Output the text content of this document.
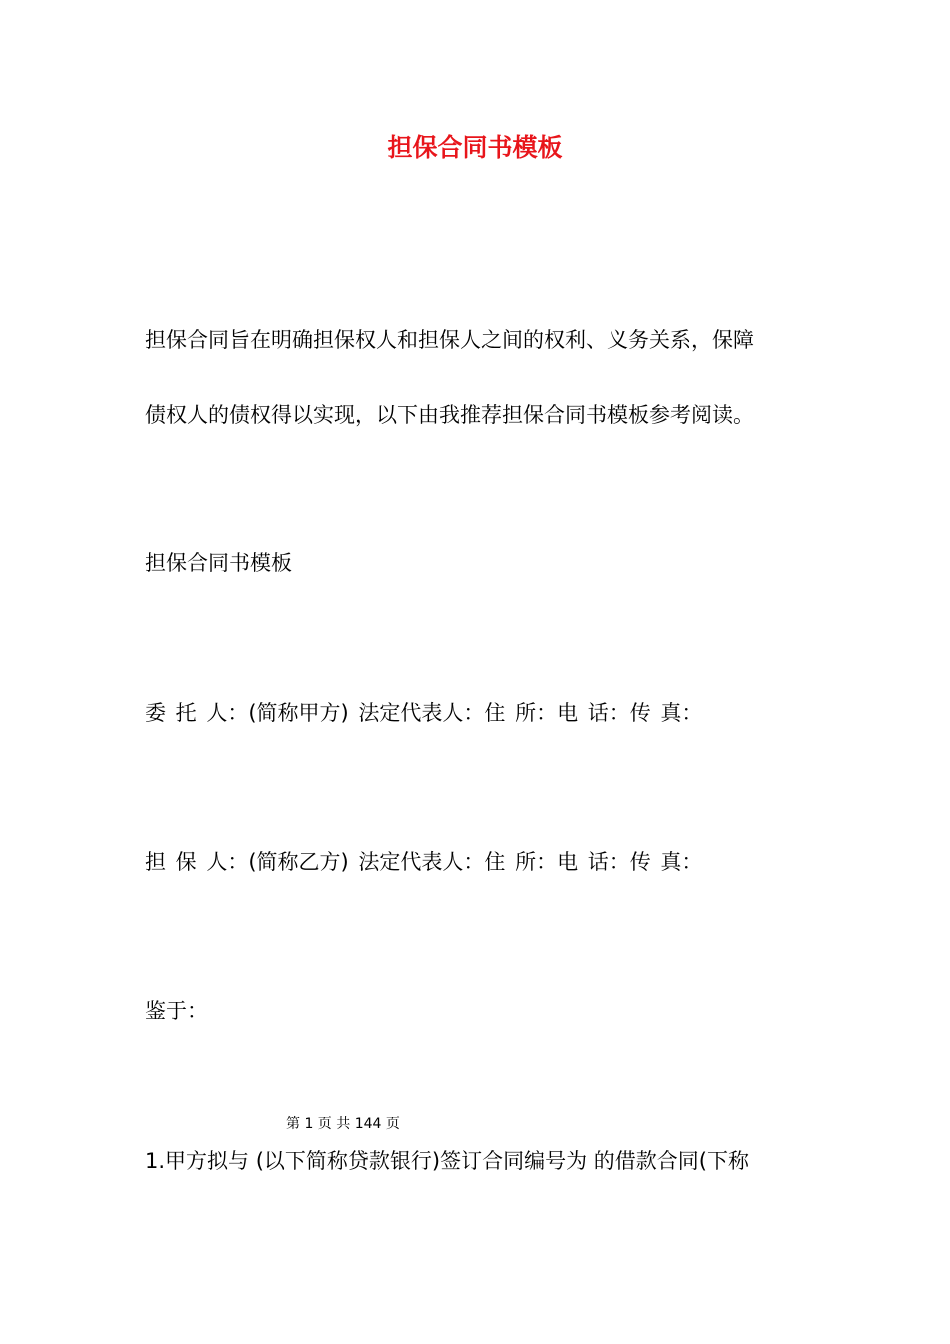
担保合同书模板

担保合同旨在明确担保权人和担保人之间的权利、义务关系，保障

债权人的债权得以实现，以下由我推荐担保合同书模板参考阅读。

担保合同书模板

委 托 人：(简称甲方) 法定代表人：住 所：电 话：传 真：

担 保 人：(简称乙方) 法定代表人：住 所：电 话：传 真：

鉴于：

第 1 页 共 144 页

1.甲方拟与 (以下简称贷款银行)签订合同编号为 的借款合同(下称
